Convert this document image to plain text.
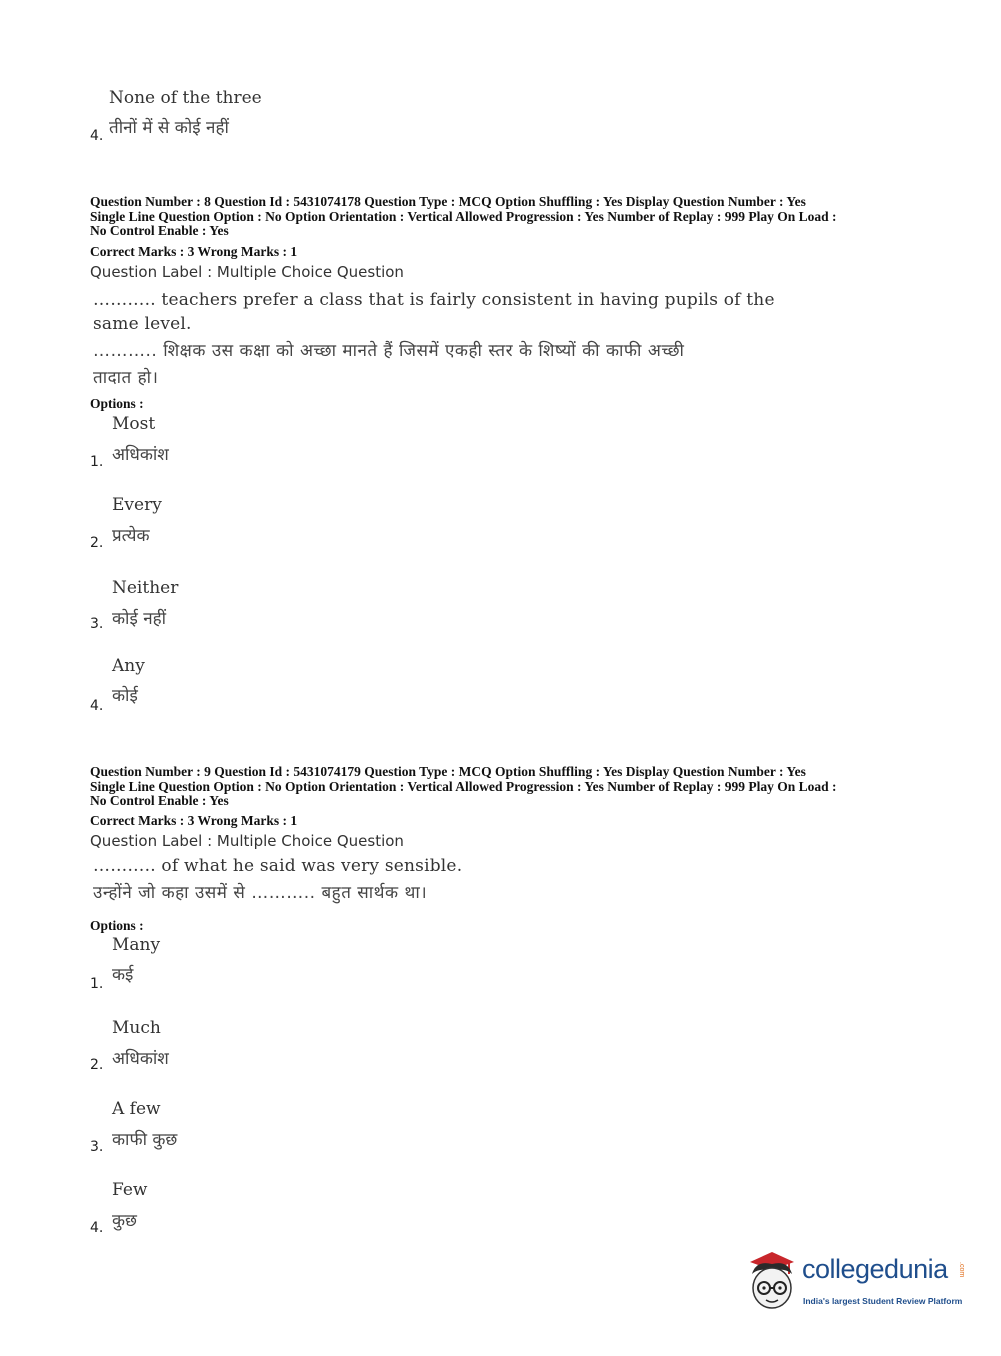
None of the three
4. तीनों में से कोई नहीं
Question Number : 8 Question Id : 5431074178 Question Type : MCQ Option Shuffling : Yes Display Question Number : Yes
Single Line Question Option : No Option Orientation : Vertical Allowed Progression : Yes Number of Replay : 999 Play On Load :
No Control Enable : Yes
Correct Marks : 3 Wrong Marks : 1
Question Label : Multiple Choice Question
……….. teachers prefer a class that is fairly consistent in having pupils of the
same level.
……….. शिक्षक उस कक्षा को अच्छा मानते हैं जिसमें एकही स्तर के शिष्यों की काफी अच्छी
तादात हो।
Options :
Most
अधिकांश
1.
Every
प्रत्येक
2.
Neither
कोई नहीं
3.
Any
कोई
4.
Question Number : 9 Question Id : 5431074179 Question Type : MCQ Option Shuffling : Yes Display Question Number : Yes
Single Line Question Option : No Option Orientation : Vertical Allowed Progression : Yes Number of Replay : 999 Play On Load :
No Control Enable : Yes
Correct Marks : 3 Wrong Marks : 1
Question Label : Multiple Choice Question
……….. of what he said was very sensible.
उन्होंने जो कहा उसमें से ……….. बहुत सार्थक था।
Options :
Many
कई
1.
Much
अधिकांश
2.
A few
काफी कुछ
3.
Few
कुछ
4.
collegedunia .com
India's largest Student Review Platform
